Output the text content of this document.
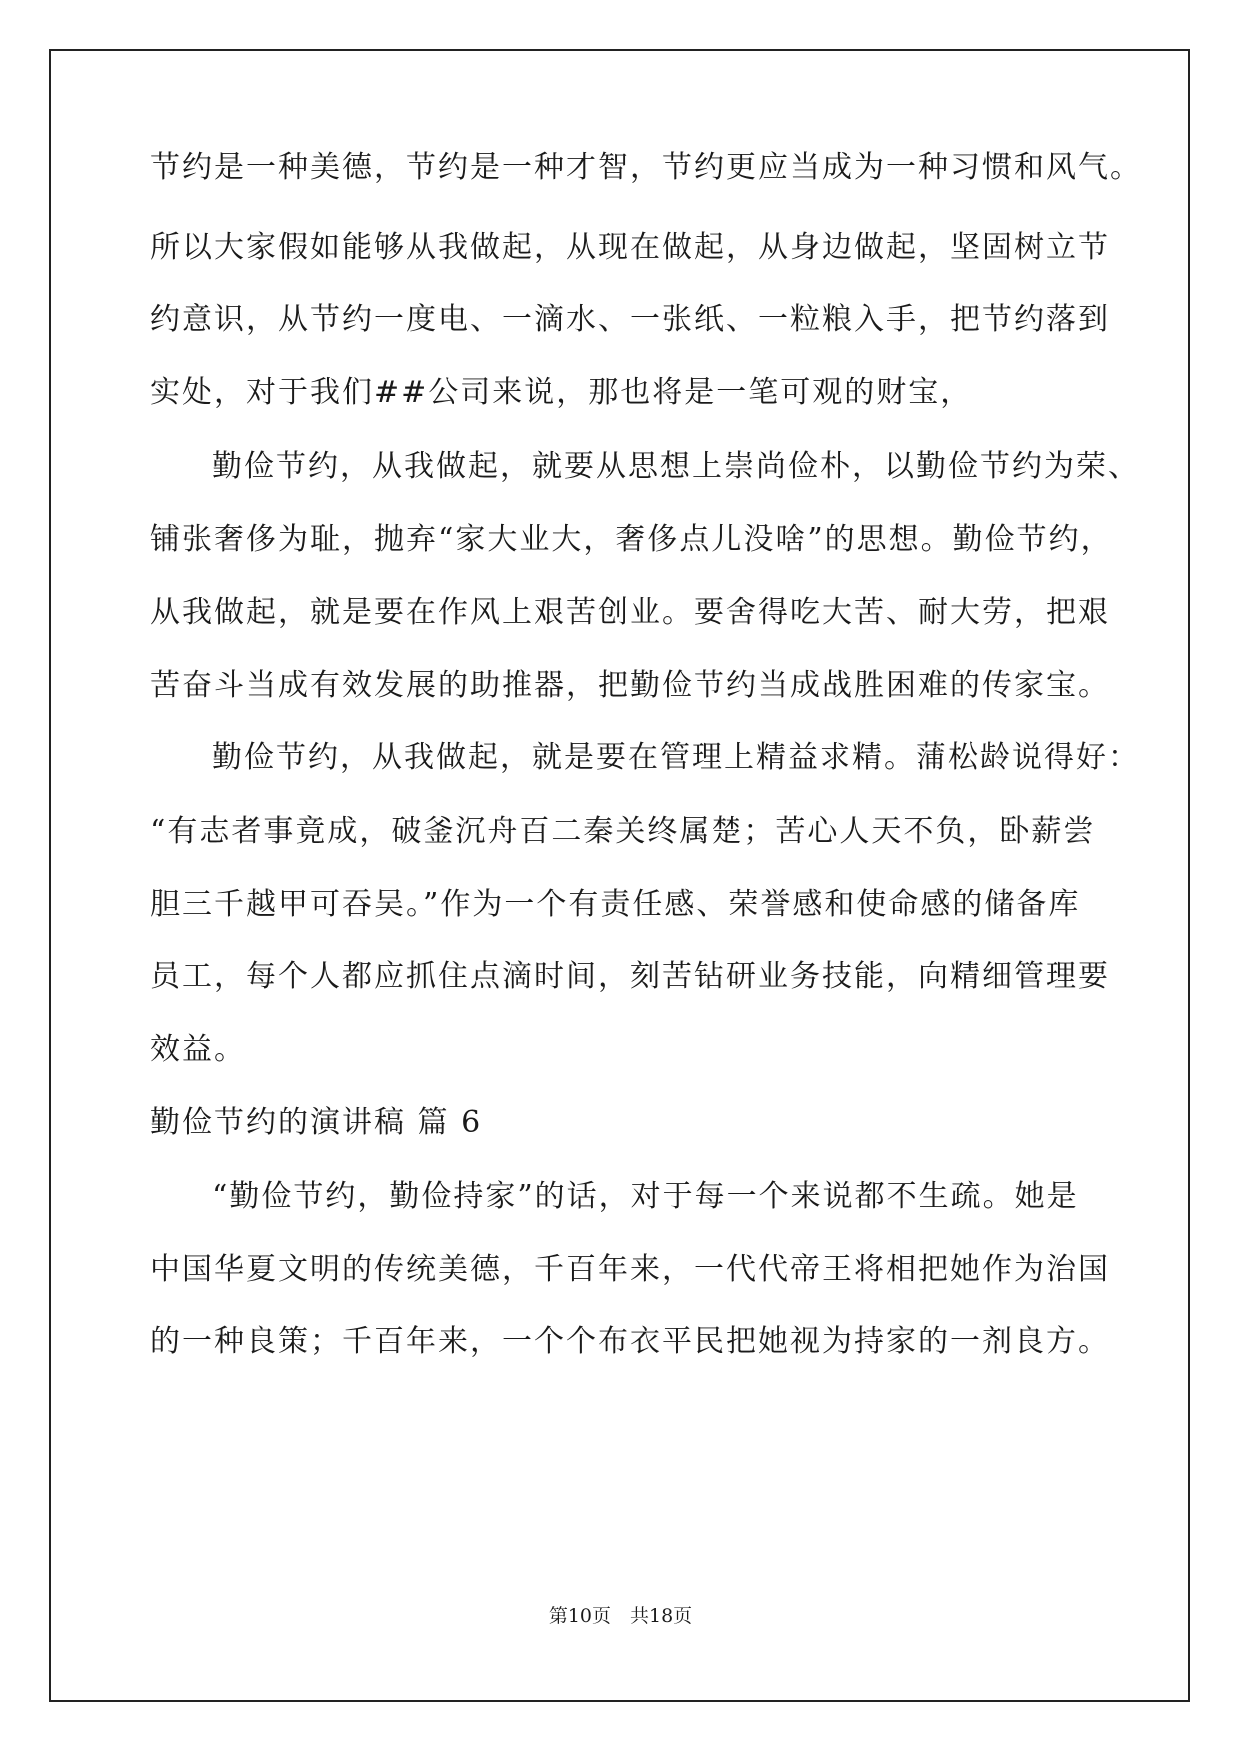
节约是一种美德，节约是一种才智，节约更应当成为一种习惯和风气。
所以大家假如能够从我做起，从现在做起，从身边做起，坚固树立节
约意识，从节约一度电、一滴水、一张纸、一粒粮入手，把节约落到
实处，对于我们##公司来说，那也将是一笔可观的财宝，
勤俭节约，从我做起，就要从思想上崇尚俭朴，以勤俭节约为荣、
铺张奢侈为耻，抛弃“家大业大，奢侈点儿没啥”的思想。勤俭节约，
从我做起，就是要在作风上艰苦创业。要舍得吃大苦、耐大劳，把艰
苦奋斗当成有效发展的助推器，把勤俭节约当成战胜困难的传家宝。
勤俭节约，从我做起，就是要在管理上精益求精。蒲松龄说得好：
“有志者事竟成，破釜沉舟百二秦关终属楚；苦心人天不负，卧薪尝
胆三千越甲可吞吴。”作为一个有责任感、荣誉感和使命感的储备库
员工，每个人都应抓住点滴时间，刻苦钻研业务技能，向精细管理要
效益。
勤俭节约的演讲稿 篇 6
“勤俭节约，勤俭持家”的话，对于每一个来说都不生疏。她是
中国华夏文明的传统美德，千百年来，一代代帝王将相把她作为治国
的一种良策；千百年来，一个个布衣平民把她视为持家的一剂良方。
第10页　共18页
